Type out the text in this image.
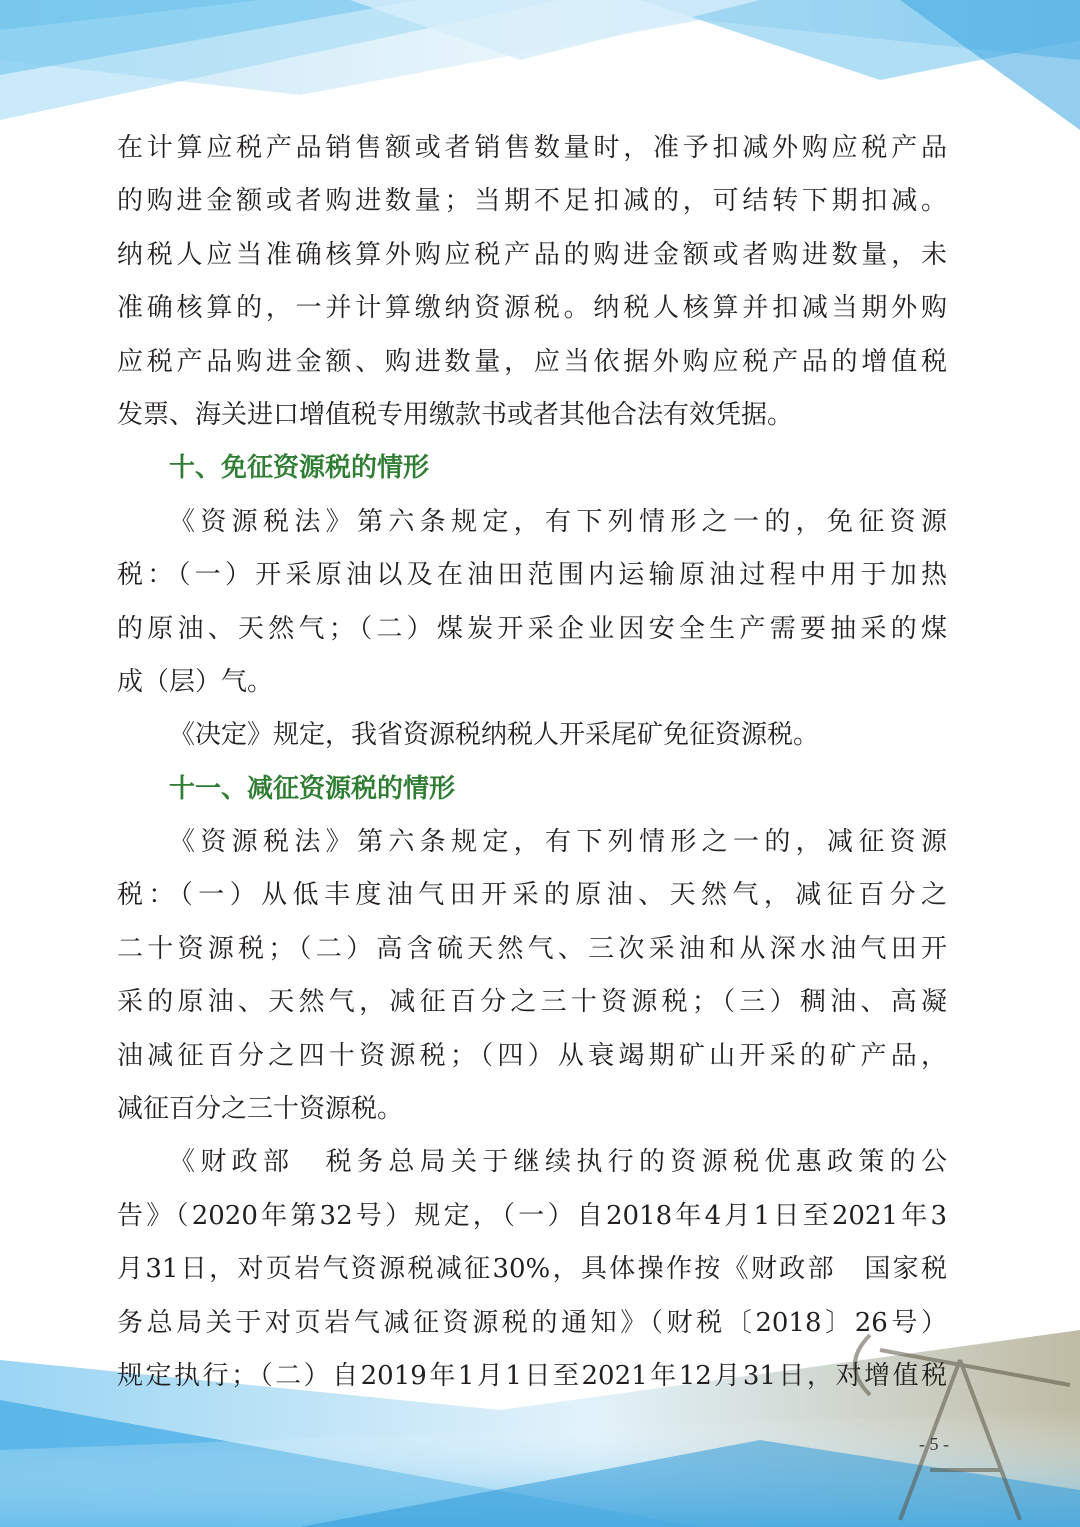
在计算应税产品销售额或者销售数量时，准予扣减外购应税产品
的购进金额或者购进数量；当期不足扣减的，可结转下期扣减。
纳税人应当准确核算外购应税产品的购进金额或者购进数量，未
准确核算的，一并计算缴纳资源税。纳税人核算并扣减当期外购
应税产品购进金额、购进数量，应当依据外购应税产品的增值税
发票、海关进口增值税专用缴款书或者其他合法有效凭据。
十、免征资源税的情形
《资源税法》第六条规定，有下列情形之一的，免征资源
税：（一）开采原油以及在油田范围内运输原油过程中用于加热
的原油、天然气；（二）煤炭开采企业因安全生产需要抽采的煤
成（层）气。
《决定》规定，我省资源税纳税人开采尾矿免征资源税。
十一、减征资源税的情形
《资源税法》第六条规定，有下列情形之一的，减征资源
税：（一）从低丰度油气田开采的原油、天然气，减征百分之
二十资源税；（二）高含硫天然气、三次采油和从深水油气田开
采的原油、天然气，减征百分之三十资源税；（三）稠油、高凝
油减征百分之四十资源税；（四）从衰竭期矿山开采的矿产品，
减征百分之三十资源税。
《财政部　税务总局关于继续执行的资源税优惠政策的公
告》（2020年第32号）规定，（一）自2018年4月1日至2021年3
月31日，对页岩气资源税减征30%，具体操作按《财政部　国家税
务总局关于对页岩气减征资源税的通知》（财税〔2018〕26号）
规定执行；（二）自2019年1月1日至2021年12月31日，对增值税
- 5 -
